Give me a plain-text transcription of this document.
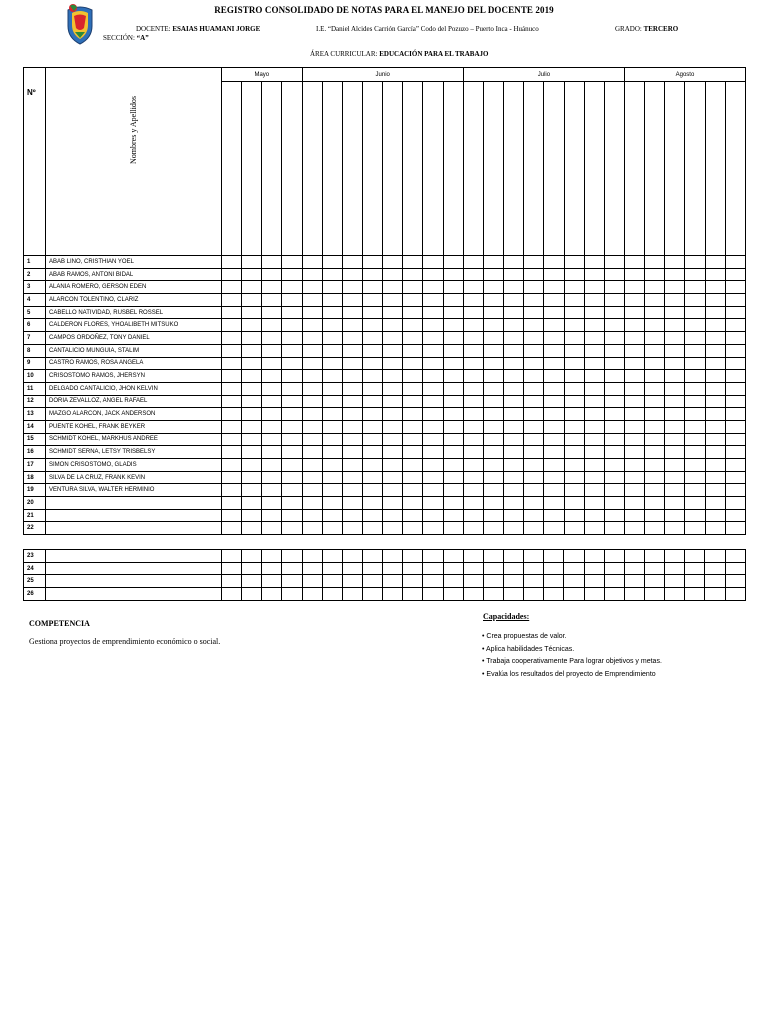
REGISTRO CONSOLIDADO DE NOTAS PARA EL MANEJO DEL DOCENTE 2019
DOCENTE: ESAIAS HUAMANI JORGE	I.E. “Daniel Alcides Carrión García” Codo del Pozuzo – Puerto Inca - Huánuco	GRADO: TERCERO
SECCIÓN: “A”
ÁREA CURRICULAR: EDUCACIÓN PARA EL TRABAJO
Nº	Nombres y Apellidos	Mayo				Junio								Julio								Agosto					

1	ABAB LINO, CRISTHIAN YOEL																										
2	ABAB RAMOS, ANTONI BIDAL																										
3	ALANIA ROMERO, GERSON EDEN																										
4	ALARCON TOLENTINO, CLARIZ																										
5	CABELLO NATIVIDAD, RUSBEL ROSSEL																										
6	CALDERON FLORES, YHOALIBETH MITSUKO																										
7	CAMPOS ORDOÑEZ, TONY DANIEL																										
8	CANTALICIO MUNGUIA, STALIM																										
9	CASTRO RAMOS, ROSA ANGELA																										
10	CRISOSTOMO RAMOS, JHERSYN																										
11	DELGADO CANTALICIO, JHON KELVIN																										
12	DORIA ZEVALLOZ, ANGEL RAFAEL																										
13	MAZGO ALARCON, JACK ANDERSON																										
14	PUENTE KOHEL, FRANK BEYKER																										
15	SCHMIDT KOHEL, MARKHUS ANDREE																										
16	SCHMIDT SERNA, LETSY TRISBELSY																										
17	SIMON CRISOSTOMO, GLADIS																										
18	SILVA DE LA CRUZ, FRANK KEVIN																										
19	VENTURA SILVA, WALTER HERMINIO																										
20																											
21																											
22																											
23																											
24																											
25																											
26																											
COMPETENCIA
Gestiona proyectos de emprendimiento económico o social.
Capacidades:
• Crea propuestas de valor.
• Aplica habilidades Técnicas.
• Trabaja cooperativamente Para lograr objetivos y metas.
• Evalúa los resultados del proyecto de Emprendimiento
